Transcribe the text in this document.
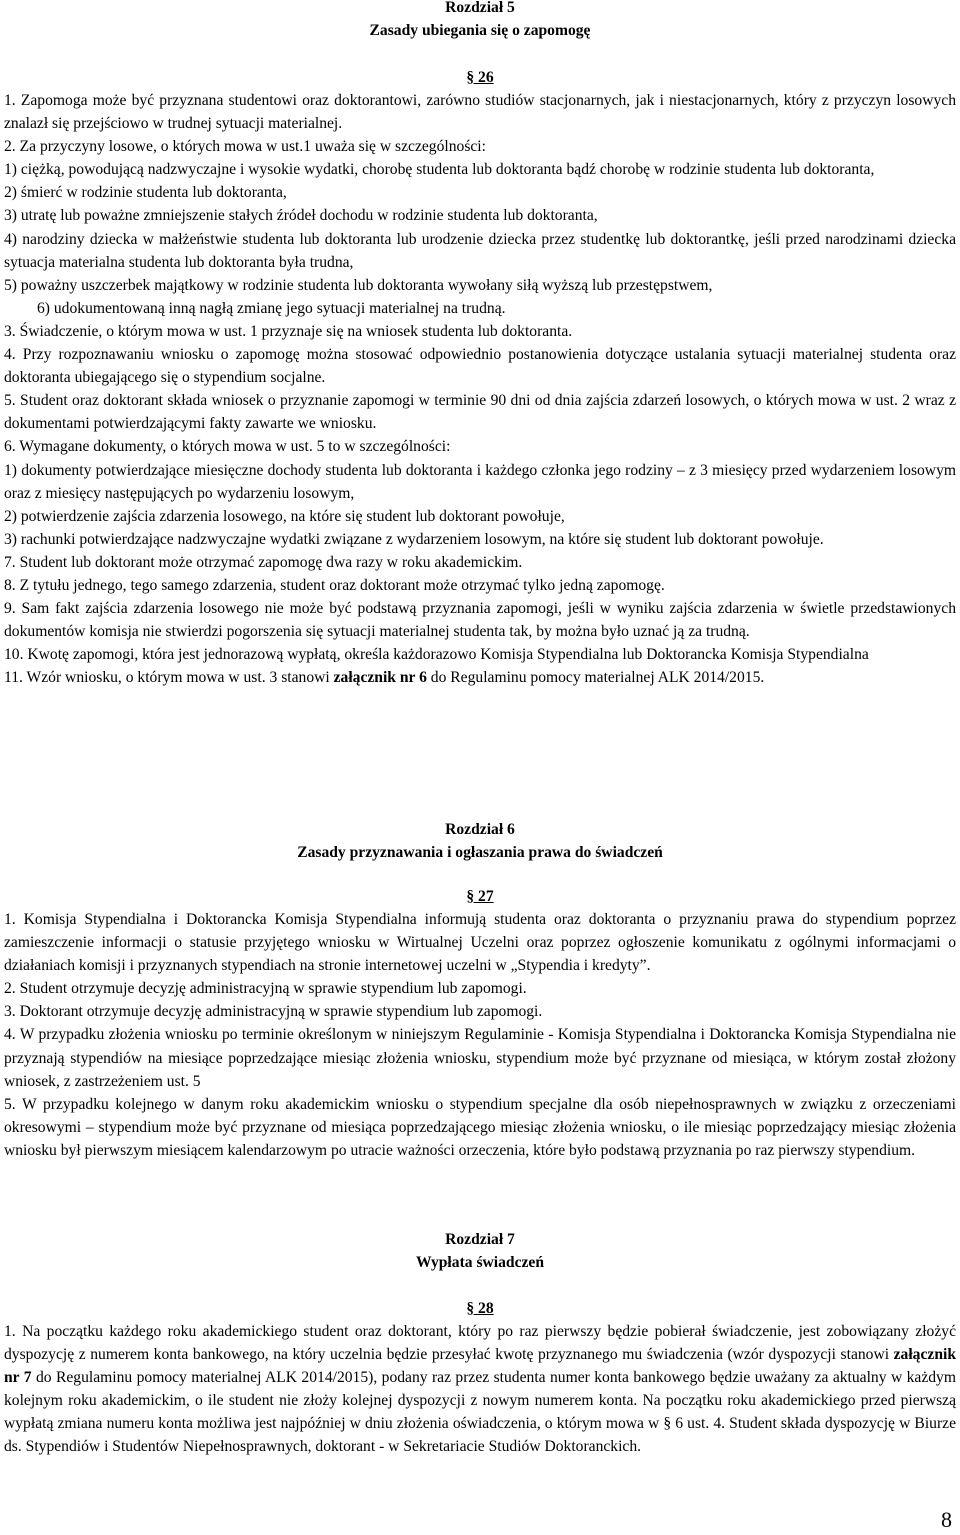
Rozdział 5
Zasady ubiegania się o zapomogę
§ 26

1. Zapomoga może być przyznana studentowi oraz doktorantowi, zarówno studiów stacjonarnych, jak i niestacjonarnych, który z przyczyn losowych znalazł się przejściowo w trudnej sytuacji materialnej.

2. Za przyczyny losowe, o których mowa w ust.1 uważa się w szczególności:

1) ciężką, powodującą nadzwyczajne i wysokie wydatki, chorobę studenta lub doktoranta bądź chorobę w rodzinie studenta lub doktoranta,

2) śmierć w rodzinie studenta lub doktoranta,

3) utratę lub poważne zmniejszenie stałych źródeł dochodu w rodzinie studenta lub doktoranta,

4) narodziny dziecka w małżeństwie studenta lub doktoranta lub urodzenie dziecka przez studentkę lub doktorantkę, jeśli przed narodzinami dziecka sytuacja materialna studenta lub doktoranta była trudna,

5) poważny uszczerbek majątkowy w rodzinie studenta lub doktoranta wywołany siłą wyższą lub przestępstwem,

6) udokumentowaną inną nagłą zmianę jego sytuacji materialnej na trudną.

3. Świadczenie, o którym mowa w ust. 1 przyznaje się na wniosek studenta lub doktoranta.

4. Przy rozpoznawaniu wniosku o zapomogę można stosować odpowiednio postanowienia dotyczące ustalania sytuacji materialnej studenta oraz doktoranta ubiegającego się o stypendium socjalne.

5. Student oraz doktorant składa wniosek o przyznanie zapomogi w terminie 90 dni od dnia zajścia zdarzeń losowych, o których mowa w ust. 2 wraz z dokumentami potwierdzającymi fakty zawarte we wniosku.

6. Wymagane dokumenty, o których mowa w ust. 5 to w szczególności:

1) dokumenty potwierdzające miesięczne dochody studenta lub doktoranta i każdego członka jego rodziny – z 3 miesięcy przed wydarzeniem losowym oraz z miesięcy następujących po wydarzeniu losowym,

2) potwierdzenie zajścia zdarzenia losowego, na które się student lub doktorant powołuje,

3) rachunki potwierdzające nadzwyczajne wydatki związane z wydarzeniem losowym, na które się student lub doktorant powołuje.

7. Student lub doktorant może otrzymać zapomogę dwa razy w roku akademickim.

8. Z tytułu jednego, tego samego zdarzenia, student oraz doktorant może otrzymać tylko jedną zapomogę.

9. Sam fakt zajścia zdarzenia losowego nie może być podstawą przyznania zapomogi, jeśli w wyniku zajścia zdarzenia w świetle przedstawionych dokumentów komisja nie stwierdzi pogorszenia się sytuacji materialnej studenta tak, by można było uznać ją za trudną.

10. Kwotę zapomogi, która jest jednorazową wypłatą, określa każdorazowo Komisja Stypendialna lub Doktorancka Komisja Stypendialna

11. Wzór wniosku, o którym mowa w ust. 3 stanowi załącznik nr 6 do Regulaminu pomocy materialnej ALK 2014/2015.

Rozdział 6
Zasady przyznawania i ogłaszania prawa do świadczeń
§ 27

1. Komisja Stypendialna i Doktorancka Komisja Stypendialna informują studenta oraz doktoranta o przyznaniu prawa do stypendium poprzez zamieszczenie informacji o statusie przyjętego wniosku w Wirtualnej Uczelni oraz poprzez ogłoszenie komunikatu z ogólnymi informacjami o działaniach komisji i przyznanych stypendiach na stronie internetowej uczelni w „Stypendia i kredyty”.

2. Student otrzymuje decyzję administracyjną w sprawie stypendium lub zapomogi.

3. Doktorant otrzymuje decyzję administracyjną w sprawie stypendium lub zapomogi.

4. W przypadku złożenia wniosku po terminie określonym w niniejszym Regulaminie - Komisja Stypendialna i Doktorancka Komisja Stypendialna nie przyznają stypendiów na miesiące poprzedzające miesiąc złożenia wniosku, stypendium może być przyznane od miesiąca, w którym został złożony wniosek, z zastrzeżeniem ust. 5

5. W przypadku kolejnego w danym roku akademickim wniosku o stypendium specjalne dla osób niepełnosprawnych w związku z orzeczeniami okresowymi – stypendium może być przyznane od miesiąca poprzedzającego miesiąc złożenia wniosku, o ile miesiąc poprzedzający miesiąc złożenia wniosku był pierwszym miesiącem kalendarzowym po utracie ważności orzeczenia, które było podstawą przyznania po raz pierwszy stypendium.

Rozdział 7
Wypłata świadczeń
§ 28

1. Na początku każdego roku akademickiego student oraz doktorant, który po raz pierwszy będzie pobierał świadczenie, jest zobowiązany złożyć dyspozycję z numerem konta bankowego, na który uczelnia będzie przesyłać kwotę przyznanego mu świadczenia (wzór dyspozycji stanowi załącznik nr 7 do Regulaminu pomocy materialnej ALK 2014/2015), podany raz przez studenta numer konta bankowego będzie uważany za aktualny w każdym kolejnym roku akademickim, o ile student nie złoży kolejnej dyspozycji z nowym numerem konta. Na początku roku akademickiego przed pierwszą wypłatą zmiana numeru konta możliwa jest najpóźniej w dniu złożenia oświadczenia, o którym mowa w § 6 ust. 4. Student składa dyspozycję w Biurze ds. Stypendiów i Studentów Niepełnosprawnych, doktorant - w Sekretariacie Studiów Doktoranckich.

8
